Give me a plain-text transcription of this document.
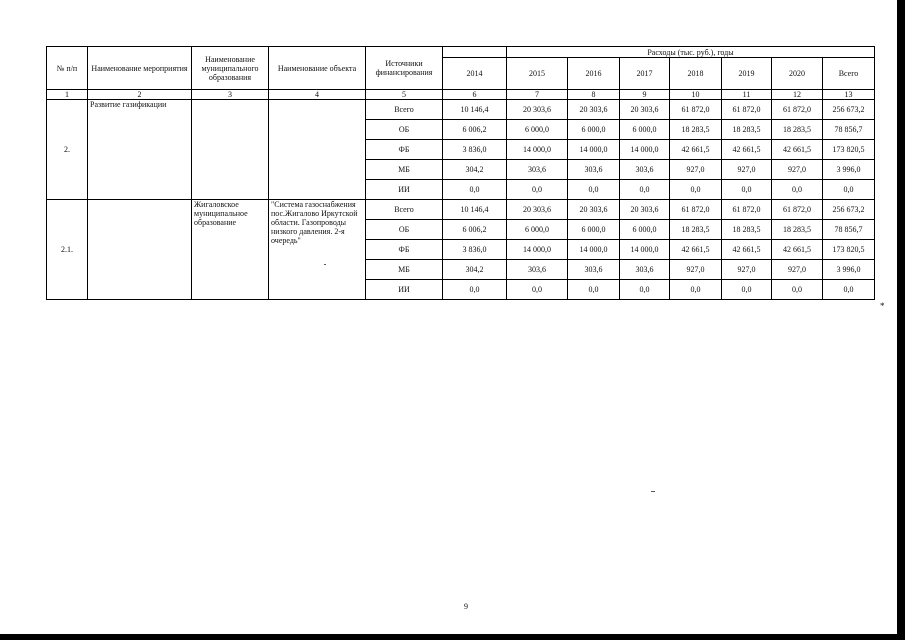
№ п/п	Наименование мероприятия	Наименование муниципального образования	Наименование объекта	Источники финансирования		Расходы (тыс. руб.), годы						
					2014	2015	2016	2017	2018	2019	2020	Всего
1	2	3	4	5	6	7	8	9	10	11	12	13
2.	Развитие газификации			Всего	10 146,4	20 303,6	20 303,6	20 303,6	61 872,0	61 872,0	61 872,0	256 673,2
				ОБ	6 006,2	6 000,0	6 000,0	6 000,0	18 283,5	18 283,5	18 283,5	78 856,7
				ФБ	3 836,0	14 000,0	14 000,0	14 000,0	42 661,5	42 661,5	42 661,5	173 820,5
				МБ	304,2	303,6	303,6	303,6	927,0	927,0	927,0	3 996,0
				ИИ	0,0	0,0	0,0	0,0	0,0	0,0	0,0	0,0
2.1.		Жигаловское муниципальное образование	"Система газоснабжения пос.Жигалово Иркутской области. Газопроводы низкого давления. 2-я очередь"	Всего	10 146,4	20 303,6	20 303,6	20 303,6	61 872,0	61 872,0	61 872,0	256 673,2
				ОБ	6 006,2	6 000,0	6 000,0	6 000,0	18 283,5	18 283,5	18 283,5	78 856,7
				ФБ	3 836,0	14 000,0	14 000,0	14 000,0	42 661,5	42 661,5	42 661,5	173 820,5
				МБ	304,2	303,6	303,6	303,6	927,0	927,0	927,0	3 996,0
				ИИ	0,0	0,0	0,0	0,0	0,0	0,0	0,0	0,0
*
9
